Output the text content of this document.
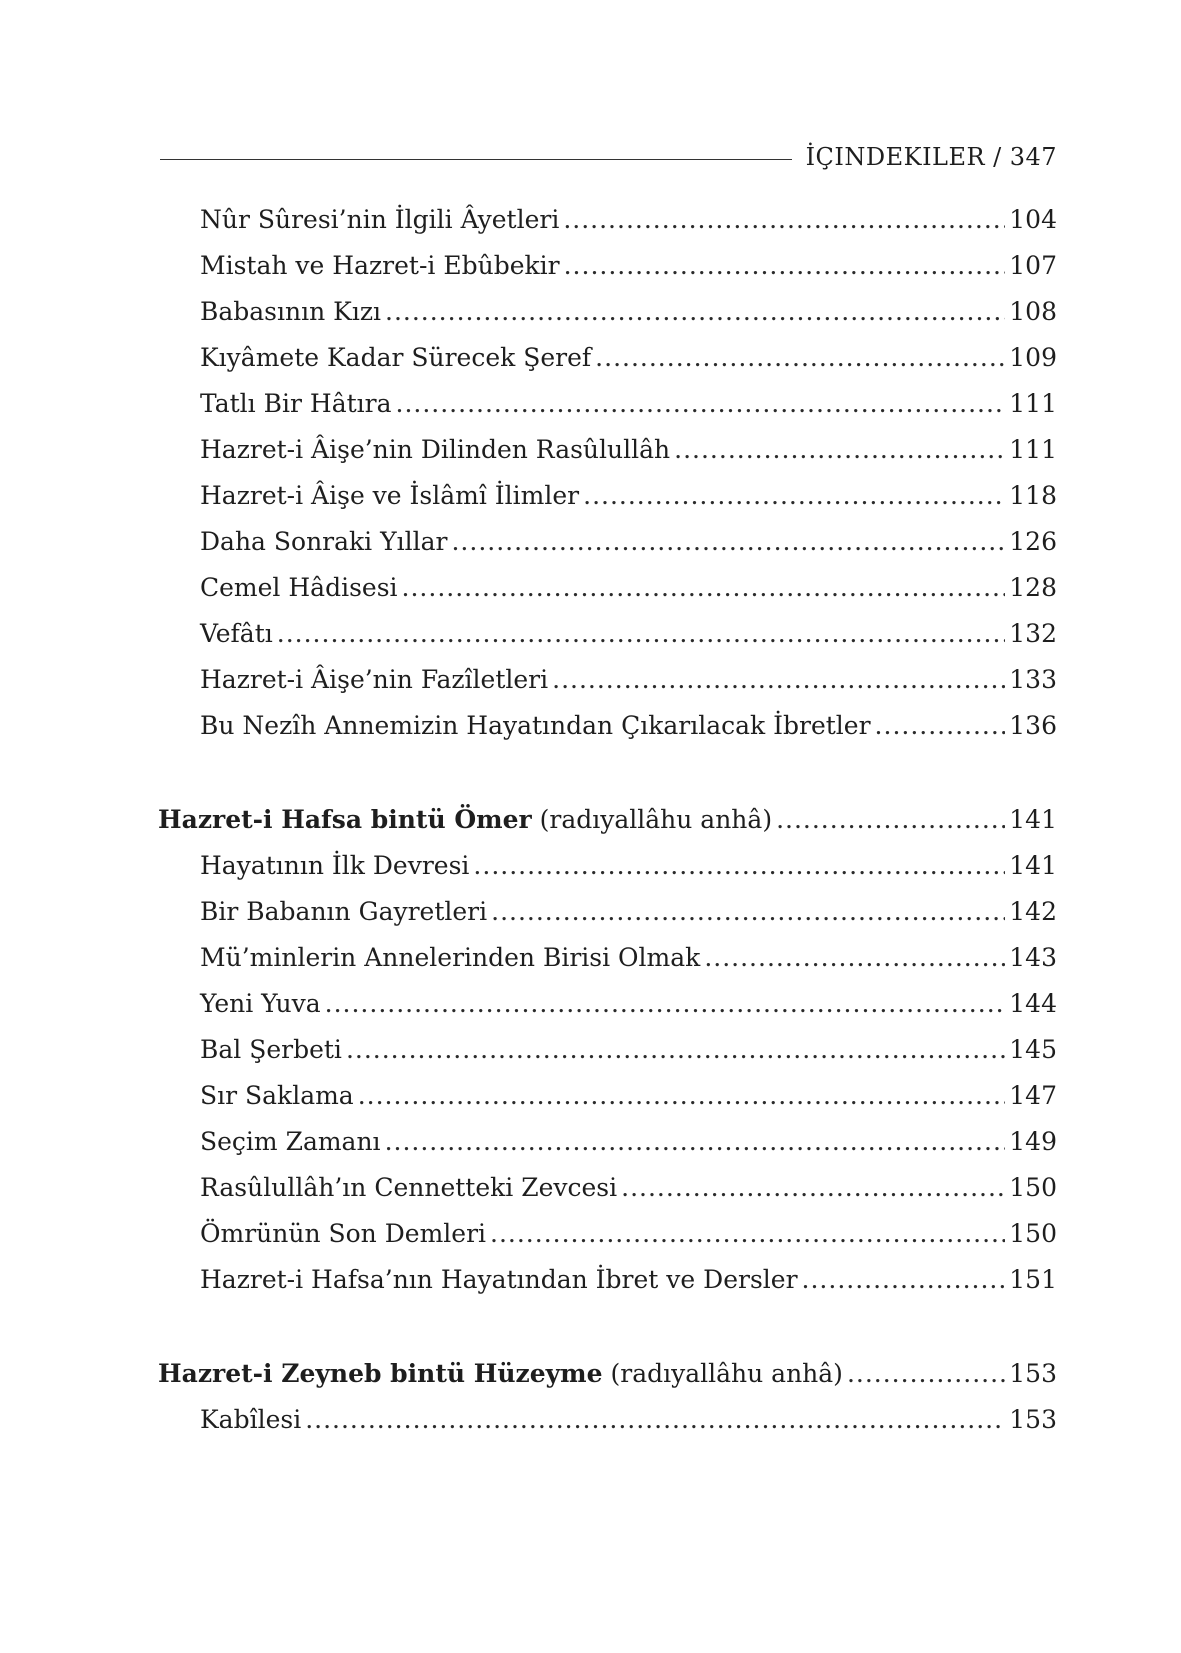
İÇINDEKILER / 347
Nûr Sûresi’nin İlgili Âyetleri .....	104
Mistah ve Hazret-i Ebûbekir .....	107
Babasının Kızı .....	108
Kıyâmete Kadar Sürecek Şeref .....	109
Tatlı Bir Hâtıra .....	111
Hazret-i Âişe’nin Dilinden Rasûlullâh .....	111
Hazret-i Âişe ve İslâmî İlimler .....	118
Daha Sonraki Yıllar .....	126
Cemel Hâdisesi .....	128
Vefâtı .....	132
Hazret-i Âişe’nin Fazîletleri .....	133
Bu Nezîh Annemizin Hayatından Çıkarılacak İbretler .....	136
Hazret-i Hafsa bintü Ömer (radıyallâhu anhâ) .....	141
Hayatının İlk Devresi .....	141
Bir Babanın Gayretleri .....	142
Mü’minlerin Annelerinden Birisi Olmak .....	143
Yeni Yuva .....	144
Bal Şerbeti .....	145
Sır Saklama .....	147
Seçim Zamanı .....	149
Rasûlullâh’ın Cennetteki Zevcesi .....	150
Ömrünün Son Demleri .....	150
Hazret-i Hafsa’nın Hayatından İbret ve Dersler .....	151
Hazret-i Zeyneb bintü Hüzeyme (radıyallâhu anhâ) .....	153
Kabîlesi .....	153
